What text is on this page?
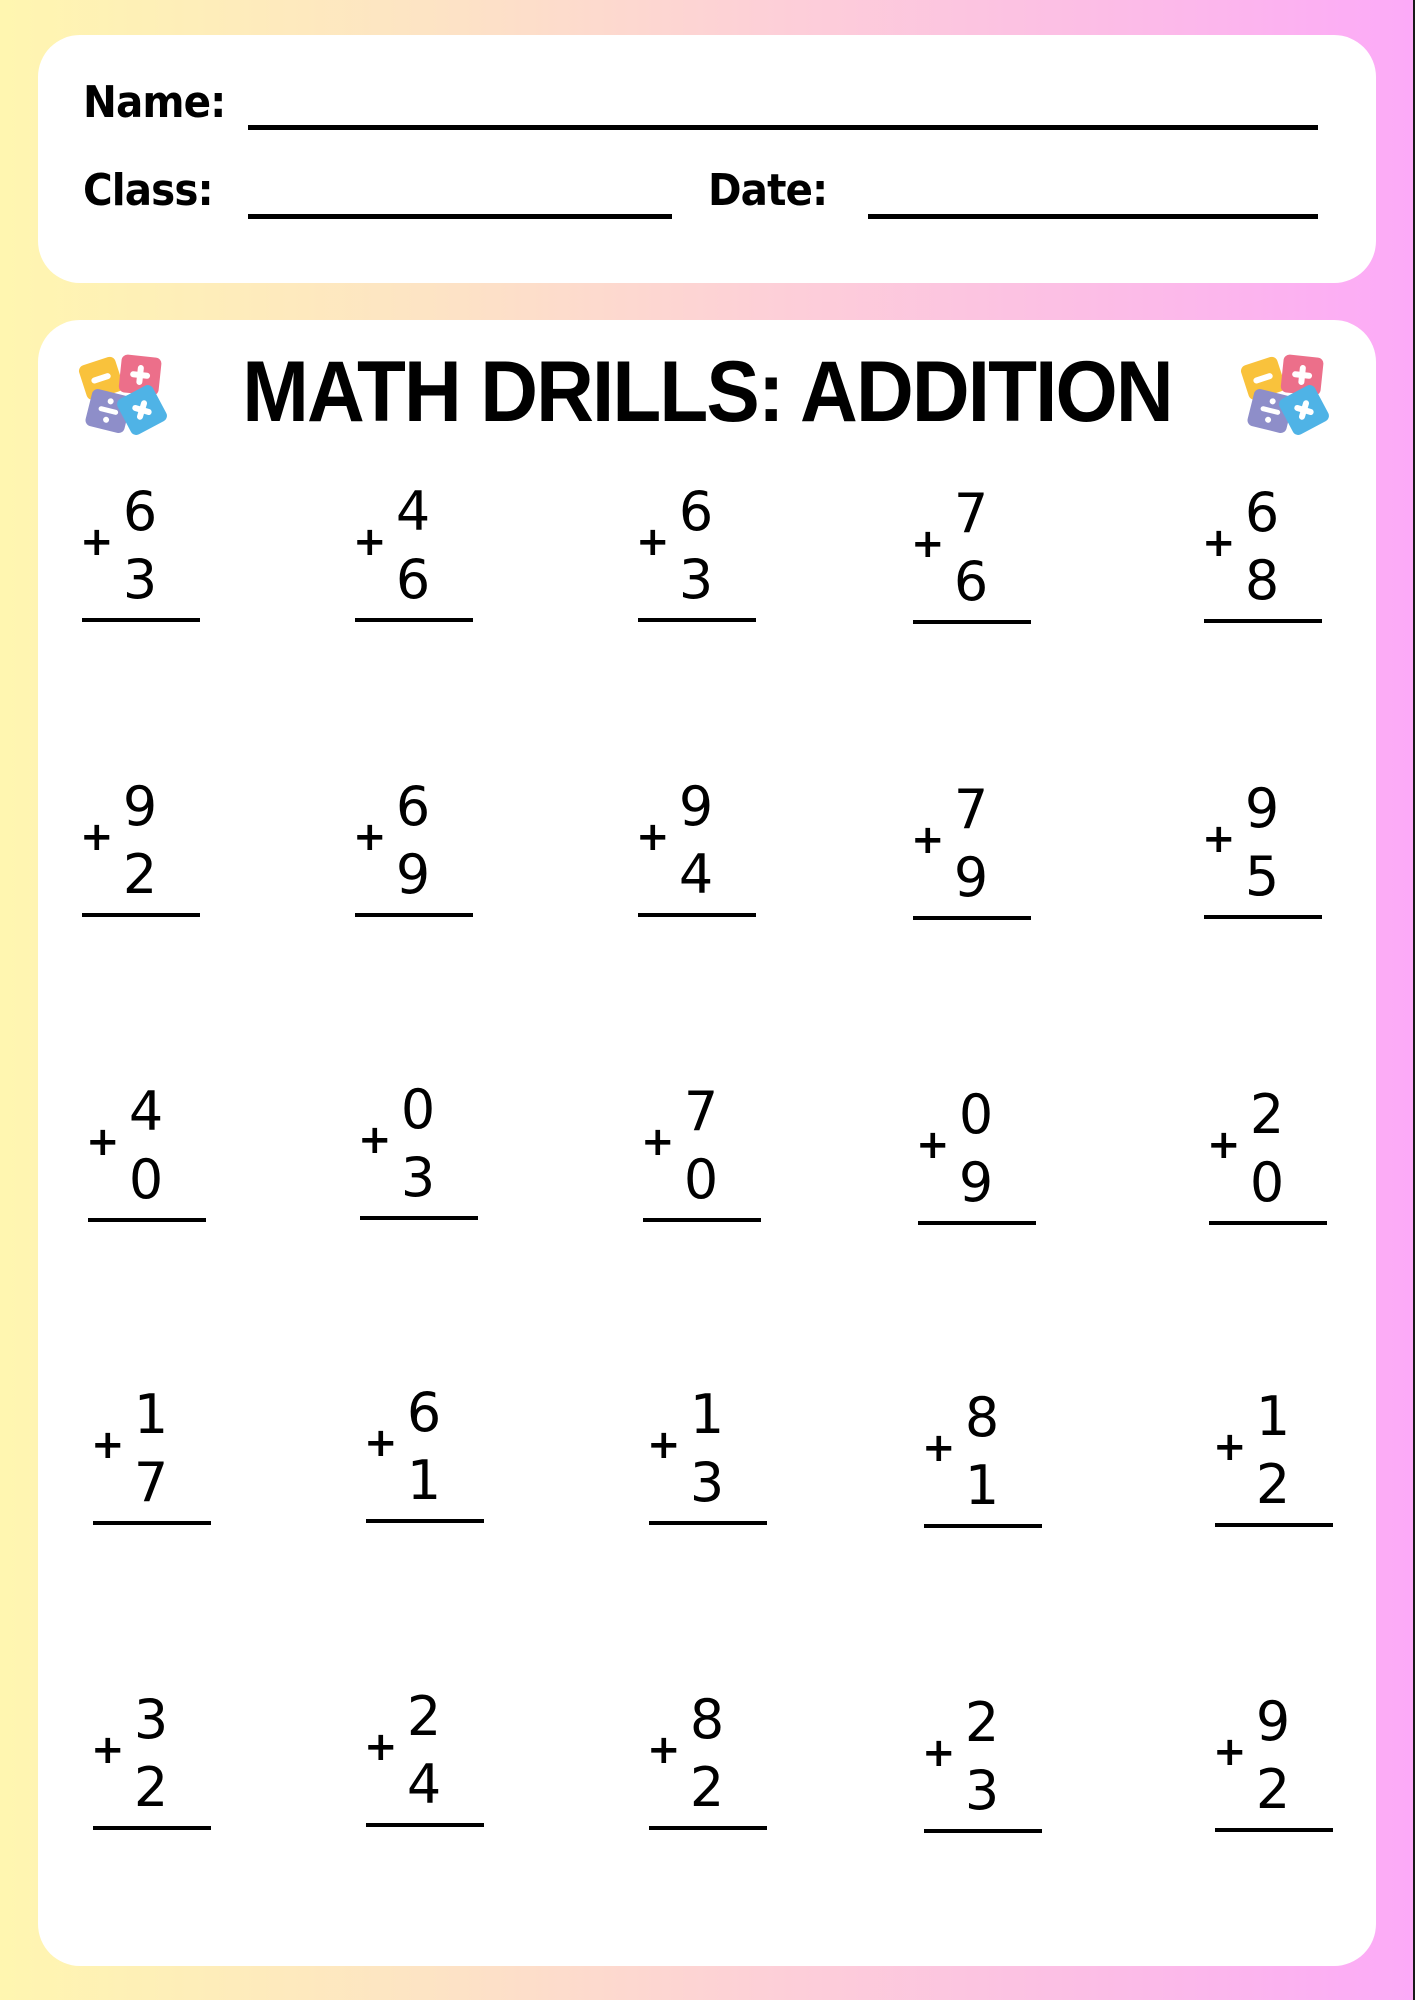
Name:
Class:	Date:
MATH DRILLS: ADDITION
6
+
3
4
+
6
6
+
3
7
+
6
6
+
8
9
+
2
6
+
9
9
+
4
7
+
9
9
+
5
4
+
0
0
+
3
7
+
0
0
+
9
2
+
0
1
+
7
6
+
1
1
+
3
8
+
1
1
+
2
3
+
2
2
+
4
8
+
2
2
+
3
9
+
2
